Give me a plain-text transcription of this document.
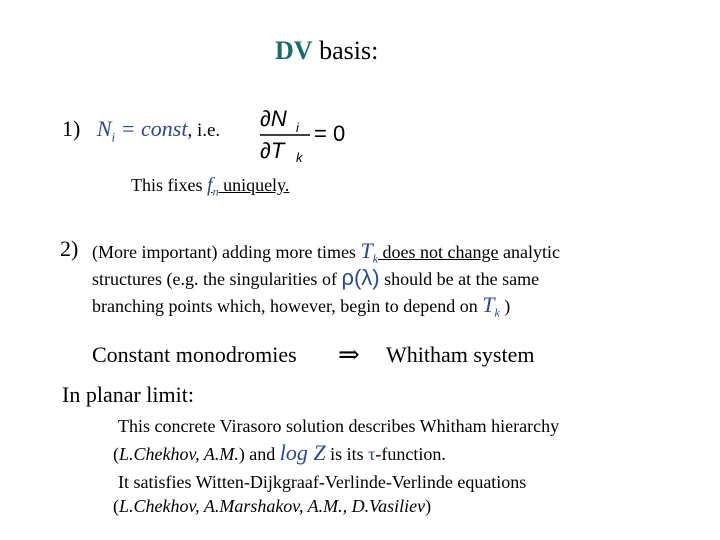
DV basis:
1) $N_i$ = const, i.e. ∂N i
∂T k
= 0
This fixes $f_n$ uniquely.
2) (More important) adding more times $T_k$ does not change analytic
structures (e.g. the singularities of ρ(λ) should be at the same
branching points which, however, begin to depend on $T_k$ )
Constant monodromies ⇒ Whitham system
In planar limit:
This concrete Virasoro solution describes Whitham hierarchy
(L.Chekhov, A.M.) and log Z is its τ-function.
It satisfies Witten-Dijkgraaf-Verlinde-Verlinde equations
(L.Chekhov, A.Marshakov, A.M., D.Vasiliev)
